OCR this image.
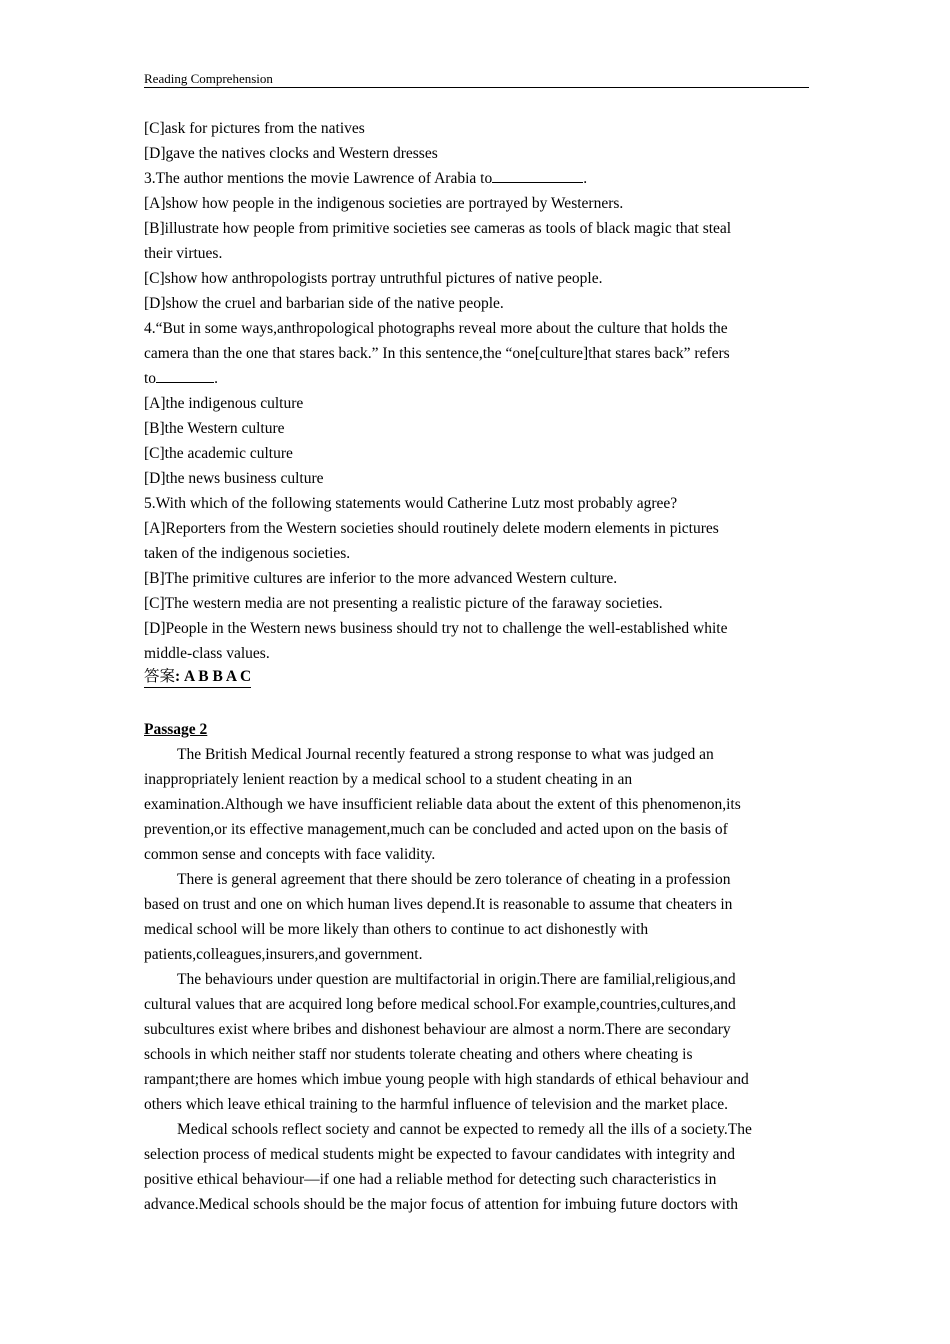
Reading Comprehension

[C]ask for pictures from the natives

[D]gave the natives clocks and Western dresses

3.The author mentions the movie Lawrence of Arabia to	.

[A]show how people in the indigenous societies are portrayed by Westerners.

[B]illustrate how people from primitive societies see cameras as tools of black magic that steal

their virtues.

[C]show how anthropologists portray untruthful pictures of native people.

[D]show the cruel and barbarian side of the native people.

4.“But in some ways,anthropological photographs reveal more about the culture that holds the

camera than the one that stares back.” In this sentence,the “one[culture]that stares back” refers

to	.

[A]the indigenous culture

[B]the Western culture

[C]the academic culture

[D]the news business culture

5.With which of the following statements would Catherine Lutz most probably agree?

[A]Reporters from the Western societies should routinely delete modern elements in pictures

taken of the indigenous societies.

[B]The primitive cultures are inferior to the more advanced Western culture.

[C]The western media are not presenting a realistic picture of the faraway societies.

[D]People in the Western news business should try not to challenge the well-established white

middle-class values.

答案: A B B A C
Passage 2

The British Medical Journal recently featured a strong response to what was judged an

inappropriately lenient reaction by a medical school to a student cheating in an

examination.Although we have insufficient reliable data about the extent of this phenomenon,its

prevention,or its effective management,much can be concluded and acted upon on the basis of

common sense and concepts with face validity.

There is general agreement that there should be zero tolerance of cheating in a profession

based on trust and one on which human lives depend.It is reasonable to assume that cheaters in

medical school will be more likely than others to continue to act dishonestly with

patients,colleagues,insurers,and government.

The behaviours under question are multifactorial in origin.There are familial,religious,and

cultural values that are acquired long before medical school.For example,countries,cultures,and

subcultures exist where bribes and dishonest behaviour are almost a norm.There are secondary

schools in which neither staff nor students tolerate cheating and others where cheating is

rampant;there are homes which imbue young people with high standards of ethical behaviour and

others which leave ethical training to the harmful influence of television and the market place.

Medical schools reflect society and cannot be expected to remedy all the ills of a society.The

selection process of medical students might be expected to favour candidates with integrity and

positive ethical behaviour—if one had a reliable method for detecting such characteristics in

advance.Medical schools should be the major focus of attention for imbuing future doctors with
